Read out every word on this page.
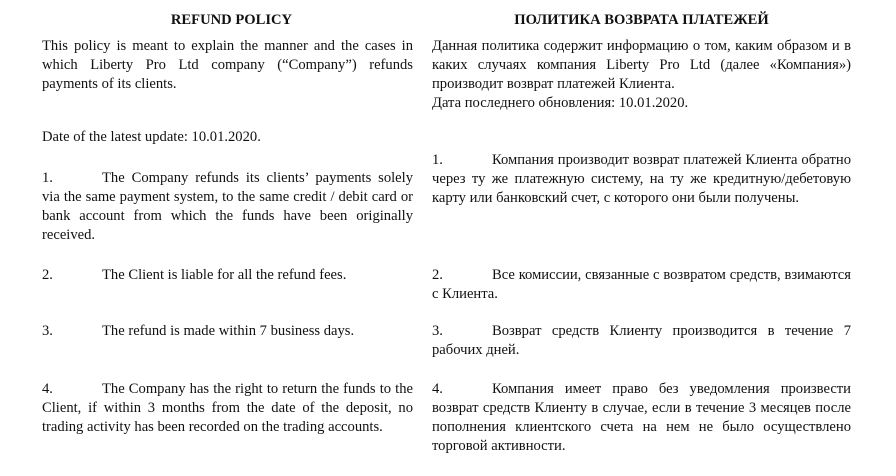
REFUND POLICY

This policy is meant to explain the manner and the cases in which Liberty Pro Ltd company (“Company”) refunds payments of its clients.

Date of the latest update: 10.01.2020.

1.	The Company refunds its clients’ payments solely via the same payment system, to the same credit / debit card or bank account from which the funds have been originally received.

2.	The Client is liable for all the refund fees.

3.	The refund is made within 7 business days.

4.	The Company has the right to return the funds to the Client, if within 3 months from the date of the deposit, no trading activity has been recorded on the trading accounts.

ПОЛИТИКА ВОЗВРАТА ПЛАТЕЖЕЙ

Данная политика содержит информацию о том, каким образом и в каких случаях компания Liberty Pro Ltd (далее «Компания») производит возврат платежей Клиента.

Дата последнего обновления: 10.01.2020.

1.	Компания производит возврат платежей Клиента обратно через ту же платежную систему, на ту же кредитную/дебетовую карту или банковский счет, с которого они были получены.

2.	Все комиссии, связанные с возвратом средств, взимаются с Клиента.

3.	Возврат средств Клиенту производится в течение 7 рабочих дней.

4.	Компания имеет право без уведомления произвести возврат средств Клиенту в случае, если в течение 3 месяцев после пополнения клиентского счета на нем не было осуществлено торговой активности.
